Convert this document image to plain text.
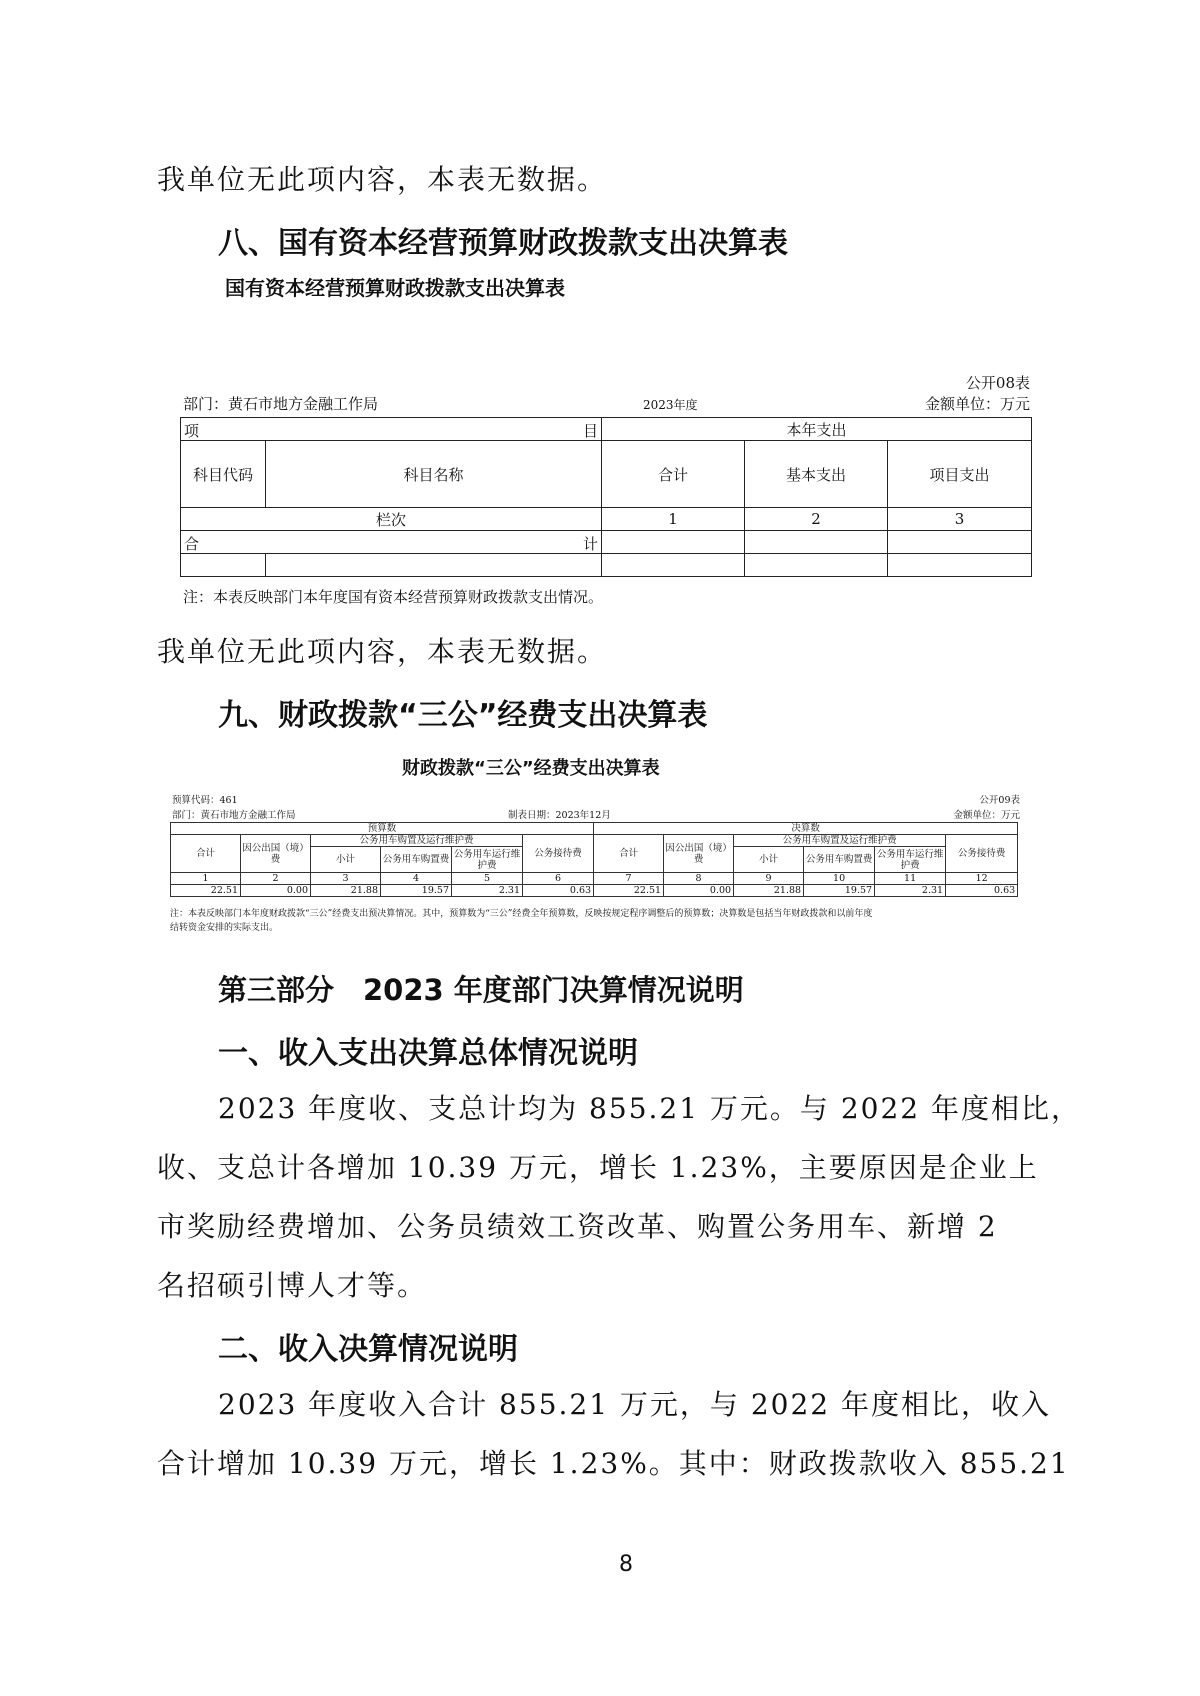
我单位无此项内容，本表无数据。
八、国有资本经营预算财政拨款支出决算表
国有资本经营预算财政拨款支出决算表
公开08表
部门：黄石市地方金融工作局	2023年度	金额单位：万元
项 目		本年支出		
科目代码	科目名称	合计	基本支出	项目支出
栏次		1	2	3

合 计				

注：本表反映部门本年度国有资本经营预算财政拨款支出情况。
我单位无此项内容，本表无数据。
九、财政拨款“三公”经费支出决算表
财政拨款“三公”经费支出决算表
预算代码：461	公开09表
部门：黄石市地方金融工作局	制表日期：2023年12月	金额单位：万元
预算数						决算数					
合计	因公出国（境）费	公务用车购置及运行维护费			公务接待费	合计	因公出国（境）费	公务用车购置及运行维护费			公务接待费
		小计	公务用车购置费	公务用车运行维护费				小计	公务用车购置费	公务用车运行维护费	
1	2	3	4	5	6	7	8	9	10	11	12
22.51	0.00	21.88	19.57	2.31	0.63	22.51	0.00	21.88	19.57	2.31	0.63
注：本表反映部门本年度财政拨款“三公”经费支出预决算情况。其中，预算数为“三公”经费全年预算数，反映按规定程序调整后的预算数；决算数是包括当年财政拨款和以前年度
结转资金安排的实际支出。
第三部分　2023 年度部门决算情况说明
一、收入支出决算总体情况说明
2023 年度收、支总计均为 855.21 万元。与 2022 年度相比，
收、支总计各增加 10.39 万元，增长 1.23%，主要原因是企业上
市奖励经费增加、公务员绩效工资改革、购置公务用车、新增 2
名招硕引博人才等。
二、收入决算情况说明
2023 年度收入合计 855.21 万元，与 2022 年度相比，收入
合计增加 10.39 万元，增长 1.23%。其中：财政拨款收入 855.21
8
